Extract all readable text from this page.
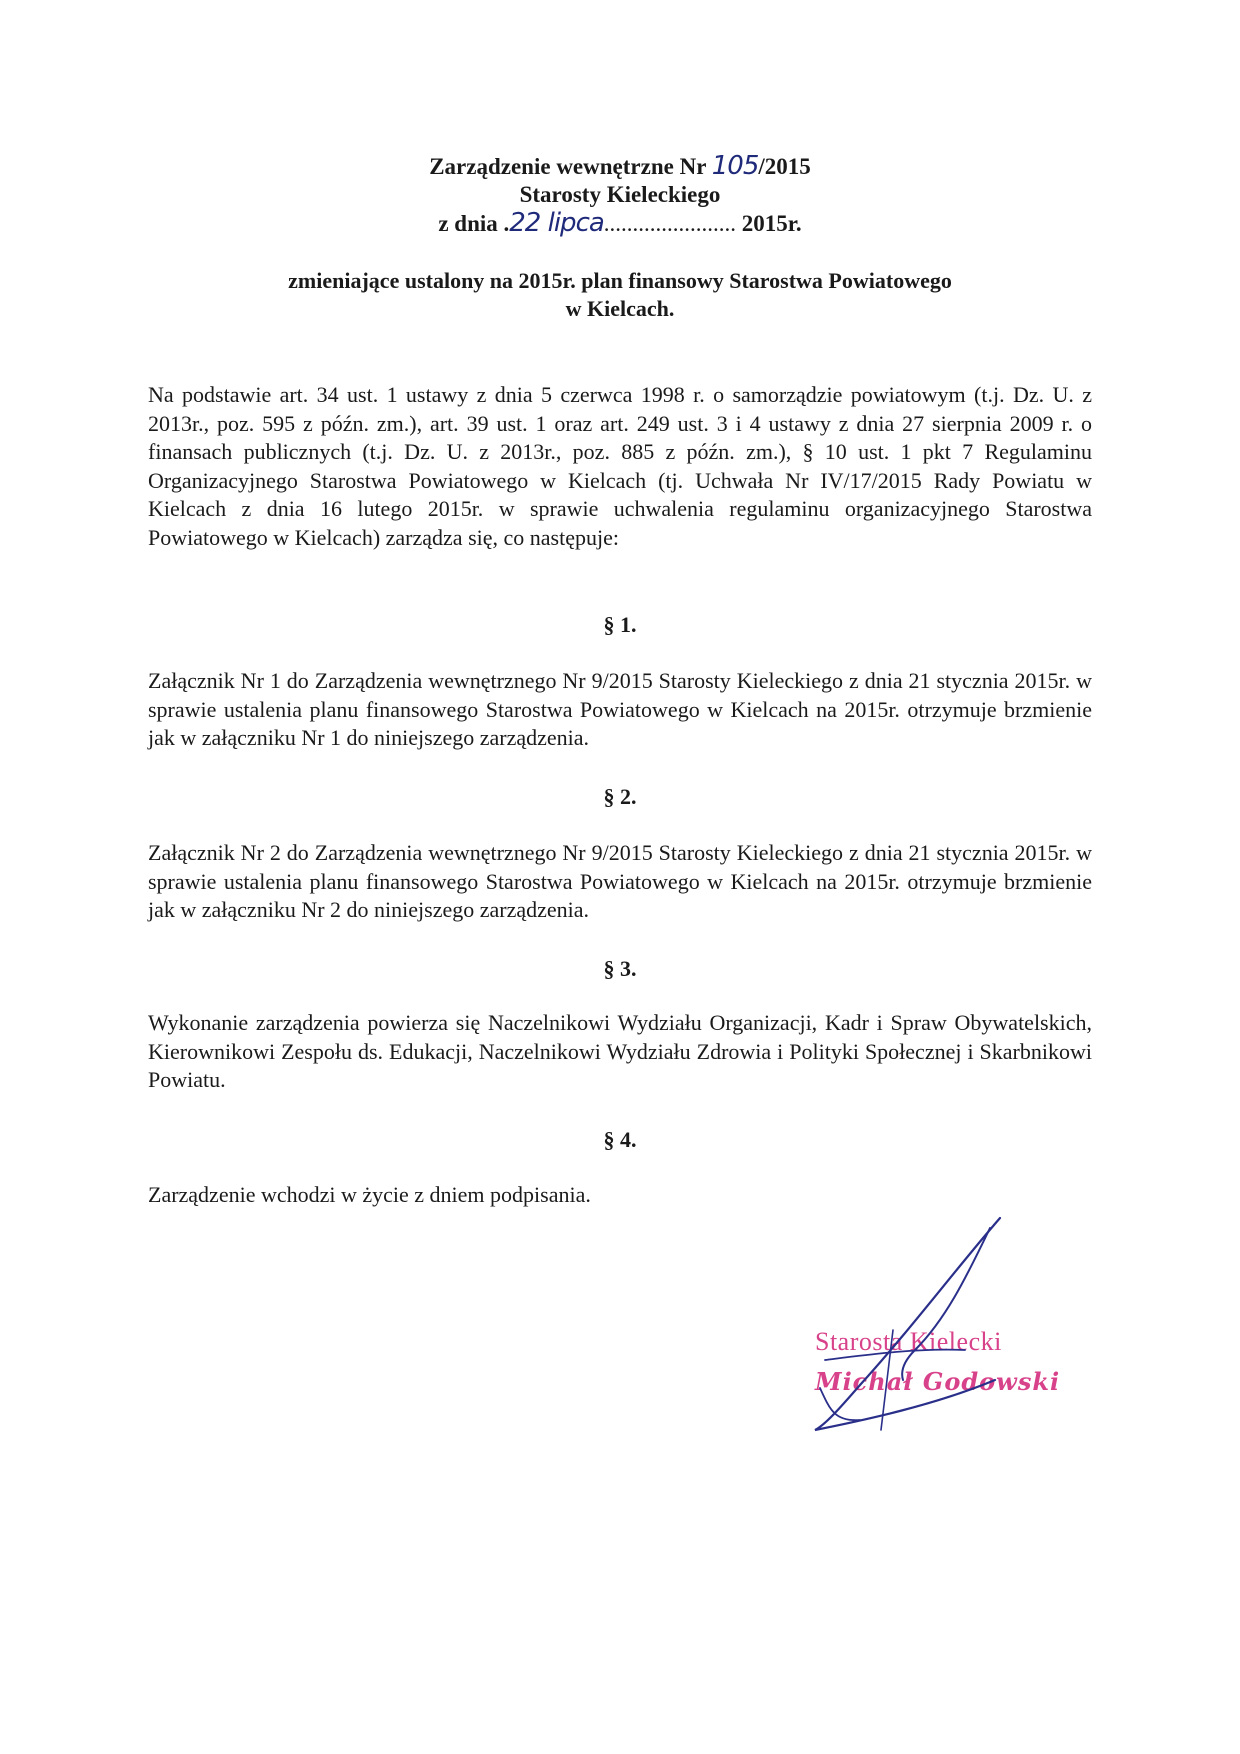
Zarządzenie wewnętrzne Nr 105/2015
Starosty Kieleckiego
z dnia .22 lipca....................... 2015r.
zmieniające ustalony na 2015r. plan finansowy Starostwa Powiatowego
w Kielcach.
Na podstawie art. 34 ust. 1 ustawy z dnia 5 czerwca 1998 r. o samorządzie powiatowym (t.j. Dz. U. z 2013r., poz. 595 z późn. zm.), art. 39 ust. 1 oraz art. 249 ust. 3 i 4 ustawy z dnia 27 sierpnia 2009 r. o finansach publicznych (t.j. Dz. U. z 2013r., poz. 885 z późn. zm.), § 10 ust. 1 pkt 7 Regulaminu Organizacyjnego Starostwa Powiatowego w Kielcach (tj. Uchwała Nr IV/17/2015 Rady Powiatu w Kielcach z dnia 16 lutego 2015r. w sprawie uchwalenia regulaminu organizacyjnego Starostwa Powiatowego w Kielcach) zarządza się, co następuje:
§ 1.
Załącznik Nr 1 do Zarządzenia wewnętrznego Nr 9/2015 Starosty Kieleckiego z dnia 21 stycznia 2015r. w sprawie ustalenia planu finansowego Starostwa Powiatowego w Kielcach na 2015r. otrzymuje brzmienie jak w załączniku Nr 1 do niniejszego zarządzenia.
§ 2.
Załącznik Nr 2 do Zarządzenia wewnętrznego Nr 9/2015 Starosty Kieleckiego z dnia 21 stycznia 2015r. w sprawie ustalenia planu finansowego Starostwa Powiatowego w Kielcach na 2015r. otrzymuje brzmienie jak w załączniku Nr 2 do niniejszego zarządzenia.
§ 3.
Wykonanie zarządzenia powierza się Naczelnikowi Wydziału Organizacji, Kadr i Spraw Obywatelskich, Kierownikowi Zespołu ds. Edukacji, Naczelnikowi Wydziału Zdrowia i Polityki Społecznej i Skarbnikowi Powiatu.
§ 4.
Zarządzenie wchodzi w życie z dniem podpisania.
Starosta Kielecki
Michał Godowski
